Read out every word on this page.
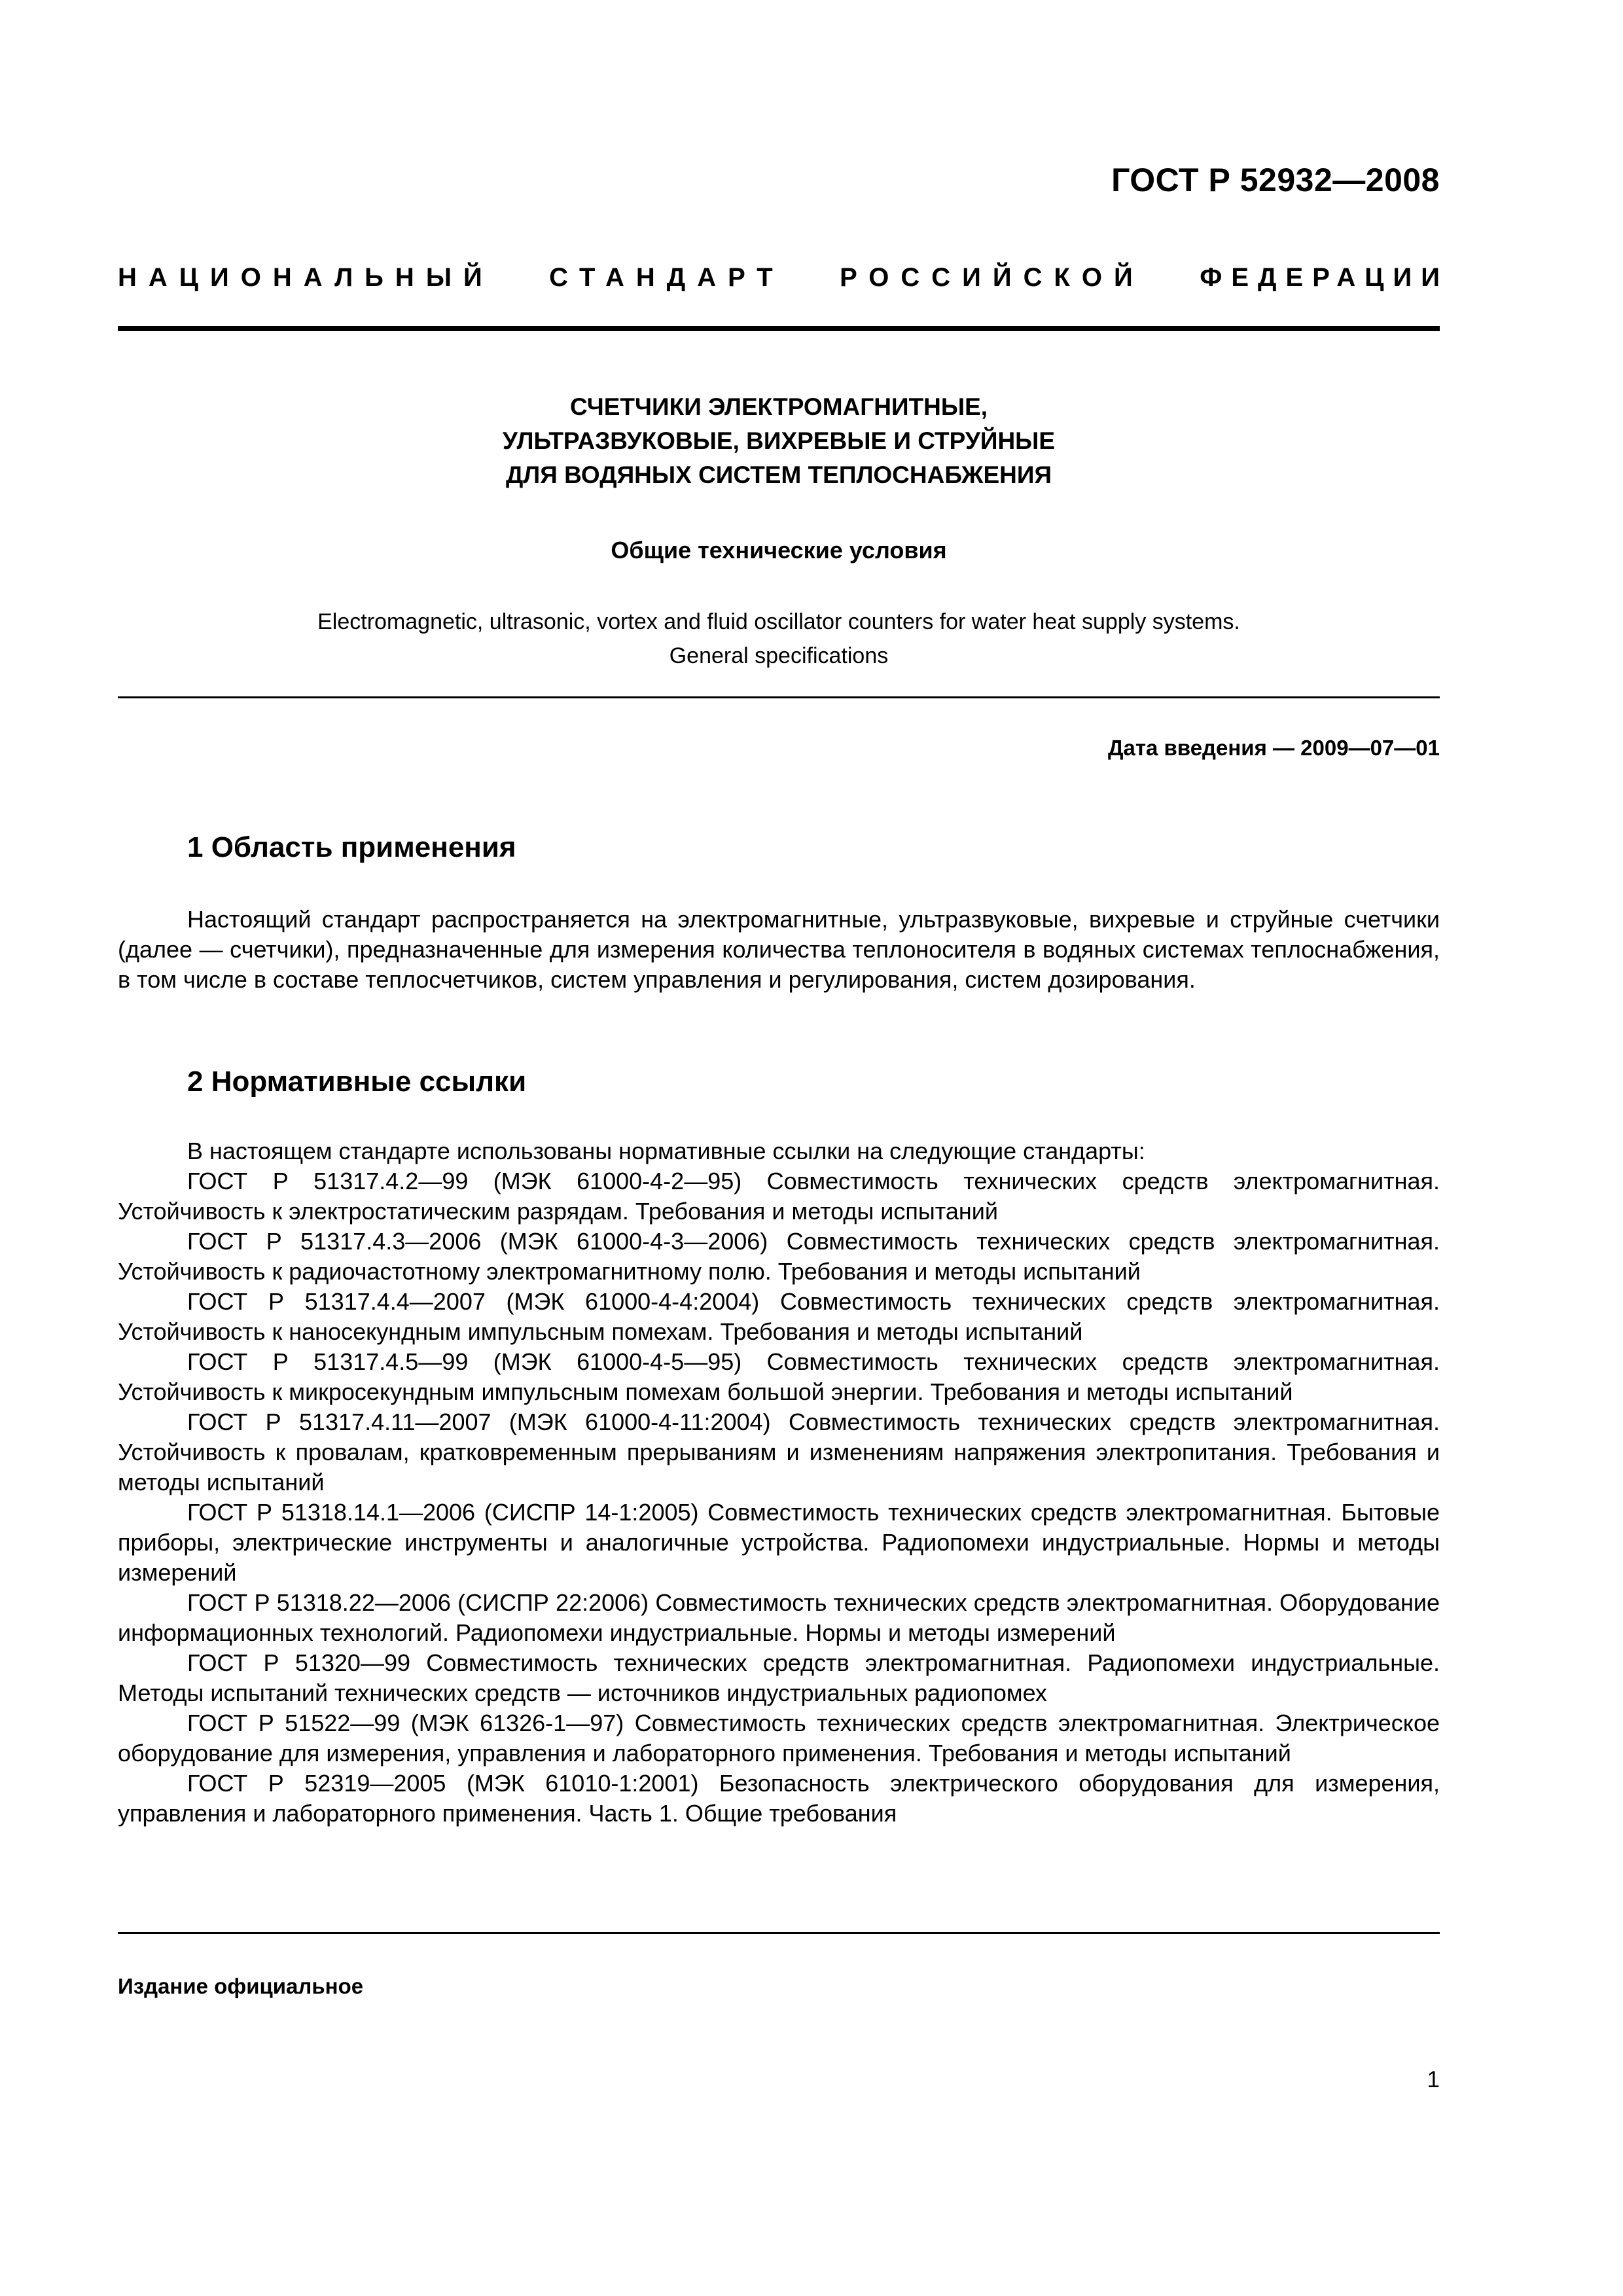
ГОСТ Р 52932—2008
НАЦИОНАЛЬНЫЙ СТАНДАРТ РОССИЙСКОЙ ФЕДЕРАЦИИ
СЧЕТЧИКИ ЭЛЕКТРОМАГНИТНЫЕ,
УЛЬТРАЗВУКОВЫЕ, ВИХРЕВЫЕ И СТРУЙНЫЕ
ДЛЯ ВОДЯНЫХ СИСТЕМ ТЕПЛОСНАБЖЕНИЯ
Общие технические условия
Electromagnetic, ultrasonic, vortex and fluid oscillator counters for water heat supply systems.
General specifications
Дата введения — 2009—07—01
1 Область применения

Настоящий стандарт распространяется на электромагнитные, ультразвуковые, вихревые и струйные счетчики (далее — счетчики), предназначенные для измерения количества теплоносителя в водяных системах теплоснабжения, в том числе в составе теплосчетчиков, систем управления и регулирования, систем дозирования.

2 Нормативные ссылки

В настоящем стандарте использованы нормативные ссылки на следующие стандарты:

ГОСТ Р 51317.4.2—99 (МЭК 61000-4-2—95) Совместимость технических средств электромагнитная. Устойчивость к электростатическим разрядам. Требования и методы испытаний

ГОСТ Р 51317.4.3—2006 (МЭК 61000-4-3—2006) Совместимость технических средств электромагнитная. Устойчивость к радиочастотному электромагнитному полю. Требования и методы испытаний

ГОСТ Р 51317.4.4—2007 (МЭК 61000-4-4:2004) Совместимость технических средств электромагнитная. Устойчивость к наносекундным импульсным помехам. Требования и методы испытаний

ГОСТ Р 51317.4.5—99 (МЭК 61000-4-5—95) Совместимость технических средств электромагнитная. Устойчивость к микросекундным импульсным помехам большой энергии. Требования и методы испытаний

ГОСТ Р 51317.4.11—2007 (МЭК 61000-4-11:2004) Совместимость технических средств электромагнитная. Устойчивость к провалам, кратковременным прерываниям и изменениям напряжения электропитания. Требования и методы испытаний

ГОСТ Р 51318.14.1—2006 (СИСПР 14-1:2005) Совместимость технических средств электромагнитная. Бытовые приборы, электрические инструменты и аналогичные устройства. Радиопомехи индустриальные. Нормы и методы измерений

ГОСТ Р 51318.22—2006 (СИСПР 22:2006) Совместимость технических средств электромагнитная. Оборудование информационных технологий. Радиопомехи индустриальные. Нормы и методы измерений

ГОСТ Р 51320—99 Совместимость технических средств электромагнитная. Радиопомехи индустриальные. Методы испытаний технических средств — источников индустриальных радиопомех

ГОСТ Р 51522—99 (МЭК 61326-1—97) Совместимость технических средств электромагнитная. Электрическое оборудование для измерения, управления и лабораторного применения. Требования и методы испытаний

ГОСТ Р 52319—2005 (МЭК 61010-1:2001) Безопасность электрического оборудования для измерения, управления и лабораторного применения. Часть 1. Общие требования

Издание официальное
1
